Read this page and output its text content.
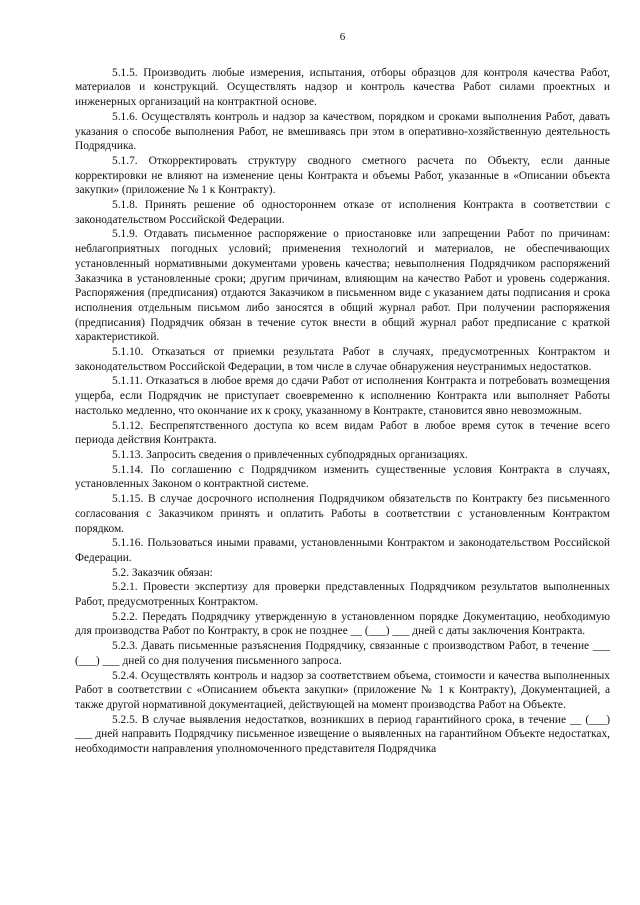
6

5.1.5. Производить любые измерения, испытания, отборы образцов для контроля качества Работ, материалов и конструкций. Осуществлять надзор и контроль качества Работ силами проектных и инженерных организаций на контрактной основе.

5.1.6. Осуществлять контроль и надзор за качеством, порядком и сроками выполнения Работ, давать указания о способе выполнения Работ, не вмешиваясь при этом в оперативно-хозяйственную деятельность Подрядчика.

5.1.7. Откорректировать структуру сводного сметного расчета по Объекту, если данные корректировки не влияют на изменение цены Контракта и объемы Работ, указанные в «Описании объекта закупки» (приложение № 1 к Контракту).

5.1.8. Принять решение об одностороннем отказе от исполнения Контракта в соответствии с законодательством Российской Федерации.

5.1.9. Отдавать письменное распоряжение о приостановке или запрещении Работ по причинам: неблагоприятных погодных условий; применения технологий и материалов, не обеспечивающих установленный нормативными документами уровень качества; невыполнения Подрядчиком распоряжений Заказчика в установленные сроки; другим причинам, влияющим на качество Работ и уровень содержания. Распоряжения (предписания) отдаются Заказчиком в письменном виде с указанием даты подписания и срока исполнения отдельным письмом либо заносятся в общий журнал работ. При получении распоряжения (предписания) Подрядчик обязан в течение суток внести в общий журнал работ предписание с краткой характеристикой.

5.1.10. Отказаться от приемки результата Работ в случаях, предусмотренных Контрактом и законодательством Российской Федерации, в том числе в случае обнаружения неустранимых недостатков.

5.1.11. Отказаться в любое время до сдачи Работ от исполнения Контракта и потребовать возмещения ущерба, если Подрядчик не приступает своевременно к исполнению Контракта или выполняет Работы настолько медленно, что окончание их к сроку, указанному в Контракте, становится явно невозможным.

5.1.12. Беспрепятственного доступа ко всем видам Работ в любое время суток в течение всего периода действия Контракта.

5.1.13. Запросить сведения о привлеченных субподрядных организациях.

5.1.14. По соглашению с Подрядчиком изменить существенные условия Контракта в случаях, установленных Законом о контрактной системе.

5.1.15. В случае досрочного исполнения Подрядчиком обязательств по Контракту без письменного согласования с Заказчиком принять и оплатить Работы в соответствии с установленным Контрактом порядком.

5.1.16. Пользоваться иными правами, установленными Контрактом и законодательством Российской Федерации.

5.2. Заказчик обязан:

5.2.1. Провести экспертизу для проверки представленных Подрядчиком результатов выполненных Работ, предусмотренных Контрактом.

5.2.2. Передать Подрядчику утвержденную в установленном порядке Документацию, необходимую для производства Работ по Контракту, в срок не позднее __ (___) ___ дней с даты заключения Контракта.

5.2.3. Давать письменные разъяснения Подрядчику, связанные с производством Работ, в течение ___ (___) ___ дней со дня получения письменного запроса.

5.2.4. Осуществлять контроль и надзор за соответствием объема, стоимости и качества выполненных Работ в соответствии с «Описанием объекта закупки» (приложение № 1 к Контракту), Документацией, а также другой нормативной документацией, действующей на момент производства Работ на Объекте.

5.2.5. В случае выявления недостатков, возникших в период гарантийного срока, в течение __ (___) ___ дней направить Подрядчику письменное извещение о выявленных на гарантийном Объекте недостатках, необходимости направления уполномоченного представителя Подрядчика
